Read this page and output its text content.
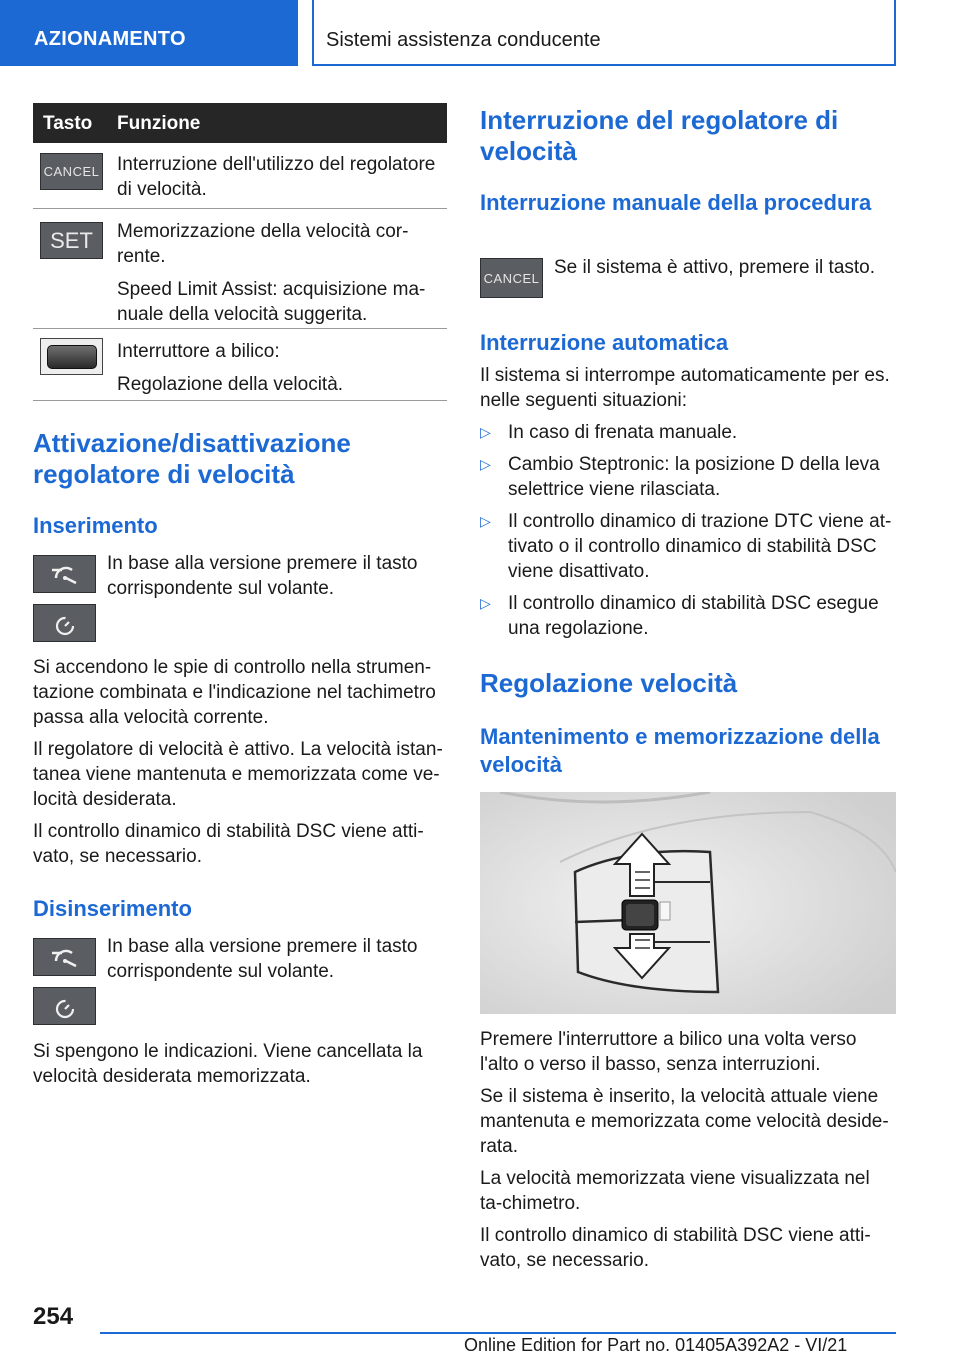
AZIONAMENTO	Sistemi assistenza conducente
Tasto Funzione
CANCEL Interruzione dell'utilizzo del regolatore di velocità.

SET Memorizzazione della velocità cor-rente.

Speed Limit Assist: acquisizione ma-nuale della velocità suggerita.

Interruttore a bilico:

Regolazione della velocità.

Attivazione/disattivazione regolatore di velocità
Inserimento
In base alla versione premere il tasto corrispondente sul volante.

Si accendono le spie di controllo nella strumen-tazione combinata e l'indicazione nel tachimetro passa alla velocità corrente.

Il regolatore di velocità è attivo. La velocità istan-tanea viene mantenuta e memorizzata come ve-locità desiderata.

Il controllo dinamico di stabilità DSC viene atti-vato, se necessario.

Disinserimento
In base alla versione premere il tasto corrispondente sul volante.
Si spengono le indicazioni. Viene cancellata la velocità desiderata memorizzata.
Interruzione del regolatore di velocità
Interruzione manuale della procedura
CANCEL Se il sistema è attivo, premere il tasto.
Interruzione automatica
Il sistema si interrompe automaticamente per es. nelle seguenti situazioni:
▷ In caso di frenata manuale.
▷ Cambio Steptronic: la posizione D della leva selettrice viene rilasciata.
▷ Il controllo dinamico di trazione DTC viene at-tivato o il controllo dinamico di stabilità DSC viene disattivato.
▷ Il controllo dinamico di stabilità DSC esegue una regolazione.
Regolazione velocità
Mantenimento e memorizzazione della velocità

Premere l'interruttore a bilico una volta verso l'alto o verso il basso, senza interruzioni.

Se il sistema è inserito, la velocità attuale viene mantenuta e memorizzata come velocità deside-rata.

La velocità memorizzata viene visualizzata nel ta-chimetro.

Il controllo dinamico di stabilità DSC viene atti-vato, se necessario.

254
Online Edition for Part no. 01405A392A2 - VI/21
